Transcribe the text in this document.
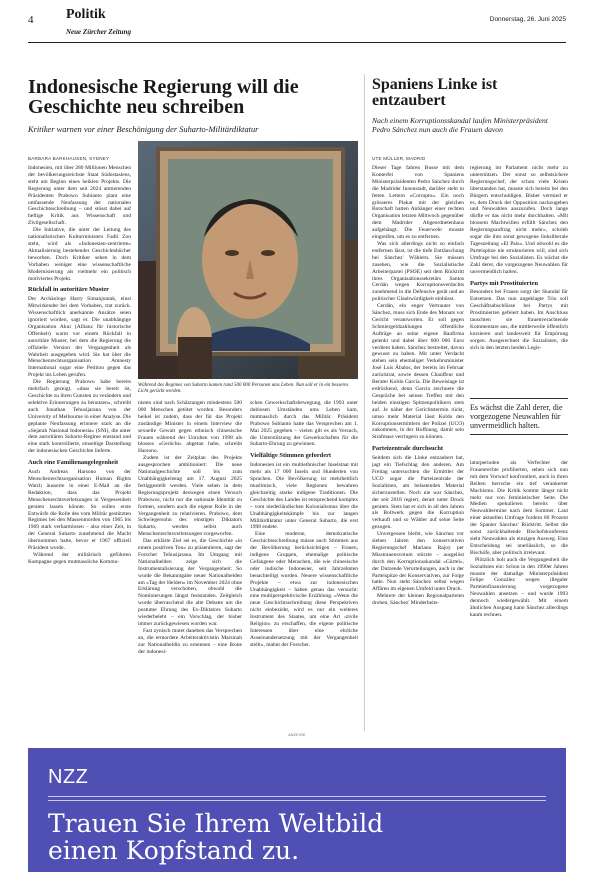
4 Politik
Neue Zürcher Zeitung
Donnerstag, 26. Juni 2025
Indonesische Regierung will die Geschichte neu schreiben
Kritiker warnen vor einer Beschönigung der Suharto-Militärdiktatur
BARBARA BARKHAUSEN, SYDNEY

Indonesien, mit über 280 Millionen Menschen der bevölkerungsreichste Staat Südostasiens, steht am Beginn eines heiklen Projekts. Die Regierung unter dem seit 2024 amtierenden Präsidenten Prabowo Subianto plant eine umfassende Neufassung der nationalen Geschichtsschreibung – und stösst dabei auf heftige Kritik aus Wissenschaft und Zivilgesellschaft.

Die Initiative, die unter der Leitung des nationalistischen Kulturministers Fadli Zon steht, wird als «Indonesien-zentrierte» Aktualisierung bestehender Geschichtsbücher beworben. Doch Kritiker sehen in dem Vorhaben weniger eine wissenschaftliche Modernisierung als vielmehr ein politisch motiviertes Projekt.

Rückfall in autoritäre Muster

Der Archäologe Harry Simanjuntak, einst Mitwirkender bei dem Vorhaben, trat zurück. Wissenschaftlich anerkannte Ansätze seien ignoriert worden, sagt er. Die unabhängige Organisation Akui (Allianz für historische Offenheit) warnt vor einem Rückfall in autoritäre Muster, bei dem die Regierung die offizielle Version der Vergangenheit als Wahrheit ausgegeben wird. Sie hat über die Menschenrechtsorganisation Amnesty International sogar eine Petition gegen das Projekt ins Leben gerufen.

Die Regierung Prabowo habe bereits mehrfach gezeigt, «dass sie bereit ist, Geschichte zu ihren Gunsten zu verändern und selektive Erinnerungen zu benutzen», schreibt auch Jonathan Tehusijarana von der University of Melbourne in einer Analyse. Die geplante Neufassung erinnere stark an die «Sejarah Nasional Indonesia» (SNI), die unter dem autoritären Suharto-Regime entstand und eine stark kontrollierte, einseitige Darstellung der indonesischen Geschichte lieferte.

Auch eine Familienangelegenheit

Auch Andreas Harsono von der Menschenrechtsorganisation Human Rights Watch äusserte in einer E-Mail an die Redaktion, dass das Projekt Menschenrechtsverletzungen in Vergessenheit geraten lassen könnte. So sollen erste Entwürfe die Rolle des vom Militär gestützten Regimes bei den Massenmorden von 1965 bis 1969 stark verharmlosen – also einer Zeit, in der General Suharto zunehmend die Macht übernommen hatte, bevor er 1967 offiziell Präsident wurde.

Während der militärisch geführten Kampagne gegen mutmassliche Kommu-

Während des Regimes von Suharto kamen rund 500 000 Personen ums Leben. Nun soll er in ein besseres Licht gerückt werden.

nisten sind nach Schätzungen mindestens 500 000 Menschen getötet worden. Besonders heikel ist zudem, dass der für das Projekt zuständige Minister in einem Interview die sexuelle Gewalt gegen ethnisch chinesische Frauen während der Unruhen von 1998 als blosses «Gerücht» abgetan habe, schreibt Harsono.

Zudem ist der Zeitplan des Projekts ausgesprochen ambitioniert: Die neue Nationalgeschichte soll bis zum Unabhängigkeitstag am 17. August 2025 fertiggestellt werden. Viele sehen in dem Regierungsprojekt deswegen einen Versuch Prabowos, nicht nur die nationale Identität zu formen, sondern auch die eigene Rolle in der Vergangenheit zu relativieren. Prabowo, dem Schwiegersohn des einstigen Diktators Suharto, werden selbst auch Menschenrechtsverletzungen vorgeworfen.

Das erklärte Ziel sei es, die Geschichte «in einem positiven Ton» zu präsentieren, sagt der Forscher Tehusijarana. Im Umgang mit Nationalhelden zeige sich die Instrumentalisierung der Vergangenheit: So wurde die Bekanntgabe neuer Nationalhelden am «Tag der Helden» im November 2024 ohne Erklärung verschoben, obwohl die Nominierungen längst feststanden. Zeitgleich wurde überraschend die alte Debatte um die postume Ehrung des Ex-Diktators Suharto wiederbelebt – ein Vorschlag, der bisher immer zurückgewiesen worden war.

Fast zynisch mutet daneben das Versprechen an, die ermordete Arbeiteraktivistin Marsinah zur Nationalheldin zu ernennen – eine Ikone der indonesi-

schen Gewerkschaftsbewegung, die 1993 unter dubiosen Umständen ums Leben kam, mutmasslich durch das Militär. Präsident Prabowo Subianto hatte das Versprechen am 1. Mai 2025 gegeben – vielen gilt es als Versuch, die Unterstützung der Gewerkschaften für die Suharto-Ehrung zu gewinnen.

Vielfältige Stimmen gefordert

Indonesien ist ein multiethnischer Inselstaat mit mehr als 17 000 Inseln und Hunderten von Sprachen. Die Bevölkerung ist mehrheitlich muslimisch, viele Regionen bewahren gleichzeitig starke indigene Traditionen. Die Geschichte des Landes ist entsprechend komplex – vom niederländischen Kolonialismus über die Unabhängigkeitskämpfe bis zur langen Militärdiktatur unter General Suharto, die erst 1998 endete.

Eine moderne, demokratische Geschichtsschreibung müsse auch Stimmen aus der Bevölkerung berücksichtigen – Frauen, indigene Gruppen, ehemalige politische Gefangene oder Menschen, die wie chinesische oder indische Indonesier, seit Jahrzehnten benachteiligt wurden. Neuere wissenschaftliche Projekte – etwa zur indonesischen Unabhängigkeit – haben genau das versucht: eine multiperspektivische Erzählung. «Wenn die neue Geschichtsschreibung diese Perspektiven nicht einbezieht, wird es nur ein weiteres Instrument des Staates, um eine Art ‹zivile Religion› zu erschaffen, die eigene politische Interessen über eine ehrliche Auseinandersetzung mit der Vergangenheit stellt», mahnt der Forscher.

Spaniens Linke ist entzaubert
Nach einem Korruptionsskandal laufen Ministerpräsident Pedro Sánchez nun auch die Frauen davon
UTE MÜLLER, MADRID

Dieser Tage fahren Busse mit dem Konterfei von Spaniens Ministerpräsidenten Pedro Sánchez durch die Madrider Innenstadt, darüber steht in fetten Lettern «Corrupto». Ein noch grösseres Plakat mit der gleichen Botschaft hatten Anhänger einer rechten Organisation letzten Mittwoch gegenüber dem Madrider Abgeordnetenhaus aufgehängt. Die Feuerwehr musste eingreifen, um es zu entfernen.

Was sich allerdings nicht so einfach entfernen lässt, ist die tiefe Enttäuschung bei Sánchez' Wählern. Sie müssen zusehen, wie die Sozialistische Arbeiterpartei (PSOE) seit dem Rücktritt ihres Organisationssekretärs Santos Cerdán wegen Korruptionsverdachts zunehmend in die Defensive gerät und an politischer Glaubwürdigkeit einbüsst.

Cerdán, ein enger Vertrauter von Sánchez, muss sich Ende des Monats vor Gericht verantworten. Er soll gegen Schmiergeldzahlungen öffentliche Aufträge an seine eigene Baufirma gelenkt und dabei über 600 000 Euro verdient haben. Sánchez bestreitet, davon gewusst zu haben. Mit unter Verdacht stehen sein ehemaliger Verkehrsminister José Luis Ábalos, der bereits im Februar zurücktrat, sowie dessen Chauffeur und Berater Koldo García. Die Beweislage ist erdrückend, denn García zeichnete die Gespräche bei seinen Treffen mit den beiden einstigen Spitzenpolitikern stets auf. Je näher der Gerichtstermin rückt, umso mehr Material lässt Koldo den Korruptionsermittlern der Polizei (UCO) zukommen, in der Hoffnung, damit sein Strafmass verringern zu können.

Parteizentrale durchsucht

Seitdem sich die Linke entzaubert hat, jagt ein Tiefschlag den anderen. Am Freitag untersuchten die Ermittler der UCO sogar die Parteizentrale der Sozialisten, am belastenden Material sicherzustellen. Noch nie war Sánchez, der seit 2018 regiert, derart unter Druck geraten. Stets hat er sich in all den Jahren als Bollwerk gegen die Korruption verkauft und so Wähler auf seine Seite gezogen.

Unvergessen bleibt, wie Sánchez vor sieben Jahren den konservativen Regierungschef Mariano Rajoy per Misstrauensvotum stürzte – ausgelöst durch den Korruptionsskandal «Gürtel», der Dutzende Verurteilungen, auch in der Parteispitze der Konservativen, zur Folge hatte. Nun steht Sánchez selbst wegen Affären im eigenen Umfeld unter Druck.

Mehrere der kleinen Regionalparteien drohen, Sánchez' Minderheits-

regierung im Parlament nicht mehr zu unterstützen. Der sonst so selbstsichere Regierungschef, der schon viele Krisen überstanden hat, musste sich bereits bei den Bürgern entschuldigen. Bisher vermied er es, dem Druck der Opposition nachzugeben und Neuwahlen auszurufen. Doch lange dürfte er das nicht mehr durchhalten. «Mit blossem Machtwillen erfüllt Sánchez den Regierungsauftrag nicht mehr», schrieb sogar die ihm sonst gewogene linksliberale Tageszeitung «El País». Und obwohl es die Parteispitze nie strukturieren will, sind sich Umfrage bei den Sozialisten. Es wächst die Zahl derer, die vorgezogene Neuwahlen für unvermeidlich halten.

Partys mit Prostituierten

Besonders bei Frauen sorgt der Skandal für Entsetzen. Das nun angeklagte Trio soll Geschäftsabschlüsse bei Partys mit Prostituierten gefeiert haben. Im Anschluss tauschten sie frauenverachtende Kommentare aus, die mittlerweile öffentlich kursieren und landesweit für Empörung sorgen. Ausgerechnet die Sozialisten, die sich in den letzten beiden Legis-

Es wächst die Zahl derer, die vorgezogene Neuwahlen für unvermeidlich halten.

laturperioden als Verfechter der Frauenrechte profilierten, sehen sich nun mit dem Vorwurf konfrontiert, auch in ihren Reihen herrsche ein tief verankerter Machismo. Die Kritik kommt längst nicht mehr nur von feministischer Seite. Die Medien spekulieren bereits über Neuwahltermine nach dem Sommer. Laut einer aktuellen Umfrage fordern 60 Prozent der Spanier Sánchez' Rücktritt. Selbst die sonst zurückhaltende Bischofskonferenz sieht Neuwahlen als einzigen Ausweg. Eine Entscheidung sei unerlässlich, so die Bischöfe, aber politisch irrelevant.

Plötzlich holt auch die Vergangenheit die Sozialisten ein: Schon in den 1990er Jahren musste der damalige Ministerpräsident Felipe González wegen illegaler Parteienfinanzierung vorgezogene Neuwahlen ansetzen – und wurde 1993 dennoch wiedergewählt. Mit einem ähnlichen Ausgang kann Sánchez allerdings kaum rechnen.

ANZEIGE
NZZ
Trauen Sie Ihrem Weltbild
einen Kopfstand zu.
